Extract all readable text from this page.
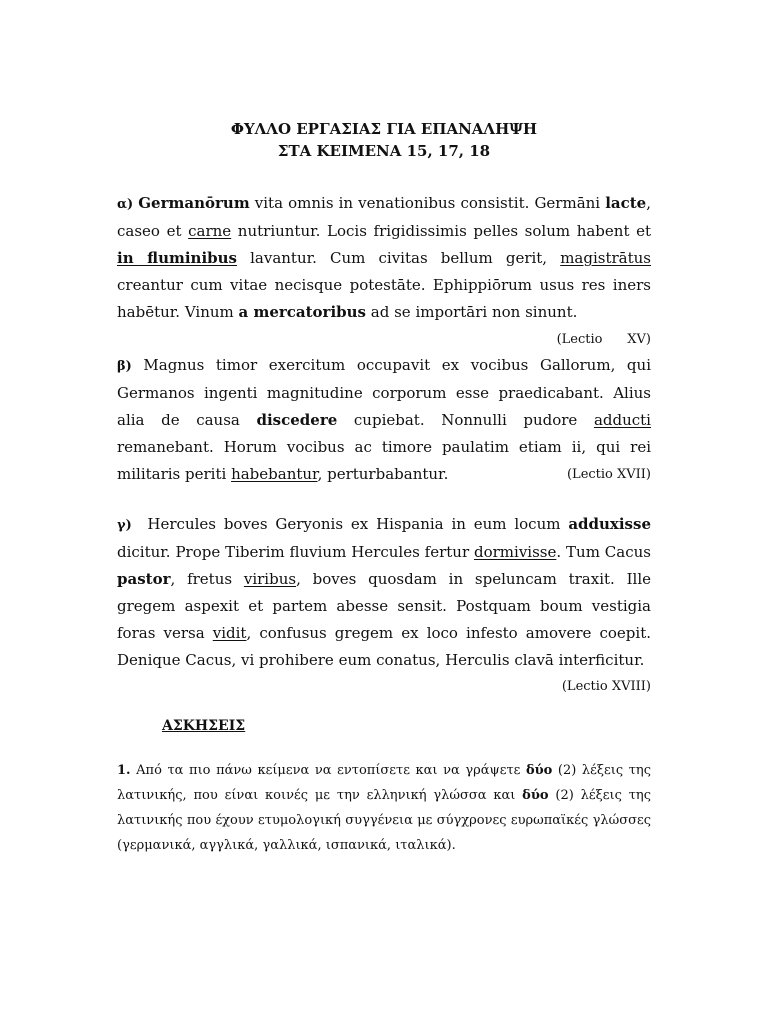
ΦΥΛΛΟ ΕΡΓΑΣΙΑΣ ΓΙΑ ΕΠΑΝΑΛΗΨΗ
ΣΤΑ ΚΕΙΜΕΝΑ 15, 17, 18
α) Germanōrum vita omnis in venationibus consistit. Germāni lacte, caseo et carne nutriuntur. Locis frigidissimis pelles solum habent et in fluminibus lavantur. Cum civitas bellum gerit, magistrātus creantur cum vitae necisque potestāte. Ephippiōrum usus res iners habētur. Vinum a mercatoribus ad se importāri non sinunt.
(Lectio      XV)
β) Magnus timor exercitum occupavit ex vocibus Gallorum, qui Germanos ingenti magnitudine corporum esse praedicabant. Alius alia de causa discedere cupiebat. Nonnulli pudore adducti remanebant. Horum vocibus ac timore paulatim etiam ii, qui rei militaris periti habebantur, perturbabantur.	(Lectio XVII)
γ)  Hercules boves Geryonis ex Hispania in eum locum adduxisse dicitur. Prope Tiberim fluvium Hercules fertur dormivisse. Tum Cacus pastor, fretus viribus, boves quosdam in speluncam traxit. Ille gregem aspexit et partem abesse sensit. Postquam boum vestigia foras versa vidit, confusus gregem ex loco infesto amovere coepit. Denique Cacus, vi prohibere eum conatus, Herculis clavā interficitur.
(Lectio XVIII)
ΑΣΚΗΣΕΙΣ
1. Από τα πιο πάνω κείμενα να εντοπίσετε και να γράψετε δύο (2) λέξεις της λατινικής, που είναι κοινές με την ελληνική γλώσσα και δύο (2) λέξεις της λατινικής που έχουν ετυμολογική συγγένεια με σύγχρονες ευρωπαϊκές γλώσσες (γερμανικά, αγγλικά, γαλλικά, ισπανικά, ιταλικά).
